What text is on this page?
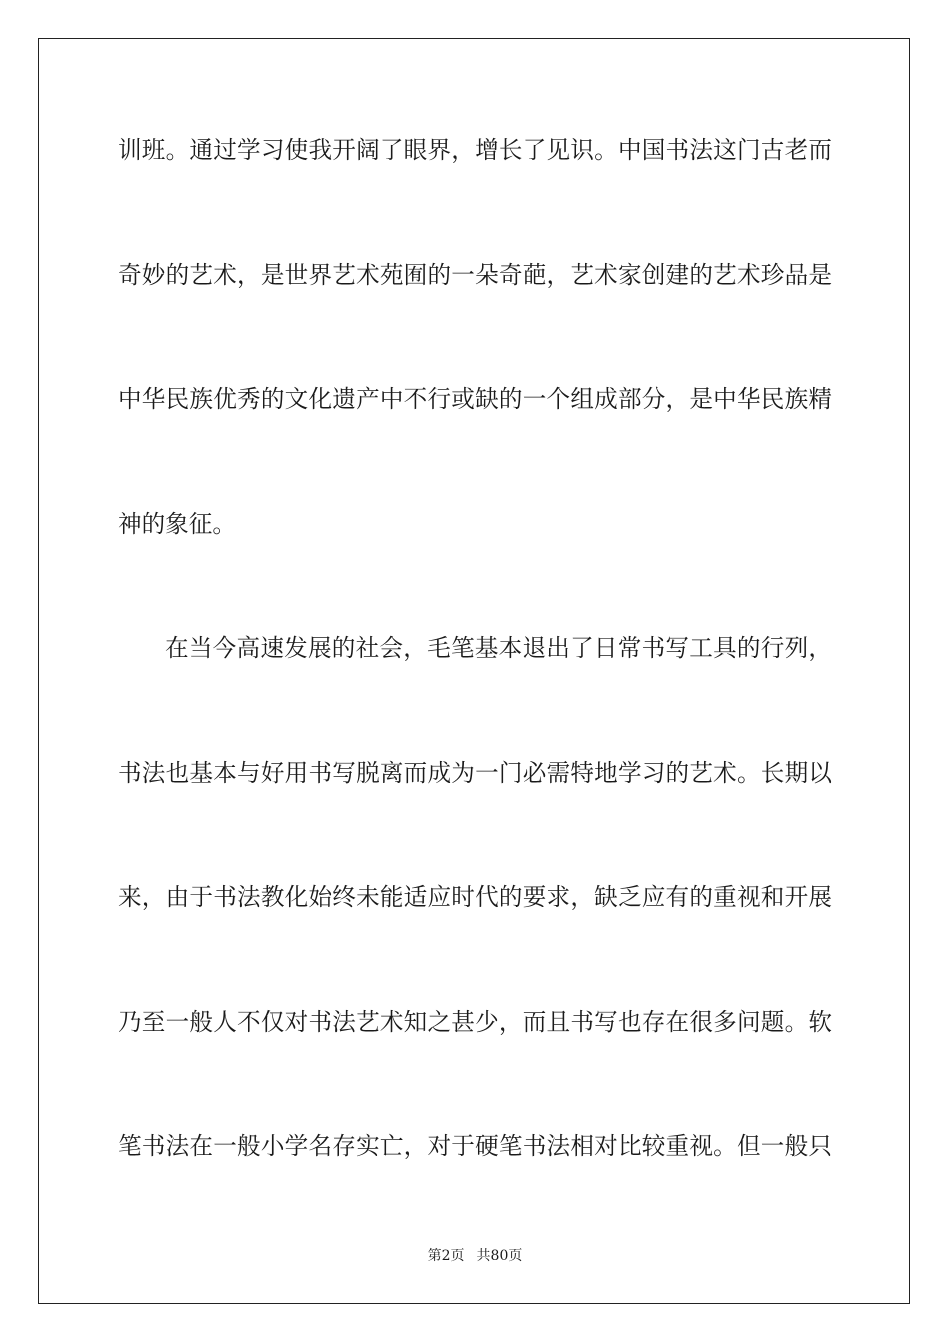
训班。通过学习使我开阔了眼界，增长了见识。中国书法这门古老而
奇妙的艺术，是世界艺术苑囿的一朵奇葩，艺术家创建的艺术珍品是
中华民族优秀的文化遗产中不行或缺的一个组成部分，是中华民族精
神的象征。
在当今高速发展的社会，毛笔基本退出了日常书写工具的行列，
书法也基本与好用书写脱离而成为一门必需特地学习的艺术。长期以
来，由于书法教化始终未能适应时代的要求，缺乏应有的重视和开展
乃至一般人不仅对书法艺术知之甚少，而且书写也存在很多问题。软
笔书法在一般小学名存实亡，对于硬笔书法相对比较重视。但一般只
第2页 共80页
